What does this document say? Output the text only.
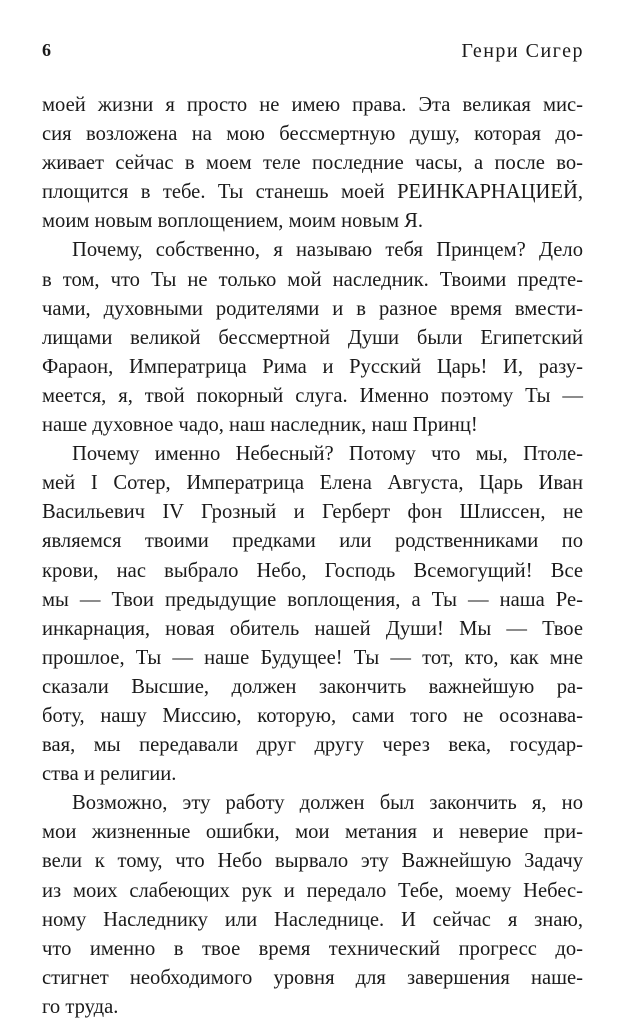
6	Генри Сигер
моей жизни я просто не имею права. Эта великая мис-
сия возложена на мою бессмертную душу, которая до-
живает сейчас в моем теле последние часы, а после во-
площится в тебе. Ты станешь моей РЕИНКАРНАЦИЕЙ,
моим новым воплощением, моим новым Я.
Почему, собственно, я называю тебя Принцем? Дело
в том, что Ты не только мой наследник. Твоими предте-
чами, духовными родителями и в разное время вмести-
лищами великой бессмертной Души были Египетский
Фараон, Императрица Рима и Русский Царь! И, разу-
меется, я, твой покорный слуга. Именно поэтому Ты —
наше духовное чадо, наш наследник, наш Принц!
Почему именно Небесный? Потому что мы, Птоле-
мей I Сотер, Императрица Елена Августа, Царь Иван
Васильевич IV Грозный и Герберт фон Шлиссен, не
являемся твоими предками или родственниками по
крови, нас выбрало Небо, Господь Всемогущий! Все
мы — Твои предыдущие воплощения, а Ты — наша Ре-
инкарнация, новая обитель нашей Души! Мы — Твое
прошлое, Ты — наше Будущее! Ты — тот, кто, как мне
сказали Высшие, должен закончить важнейшую ра-
боту, нашу Миссию, которую, сами того не осознава-
вая, мы передавали друг другу через века, государ-
ства и религии.
Возможно, эту работу должен был закончить я, но
мои жизненные ошибки, мои метания и неверие при-
вели к тому, что Небо вырвало эту Важнейшую Задачу
из моих слабеющих рук и передало Тебе, моему Небес-
ному Наследнику или Наследнице. И сейчас я знаю,
что именно в твое время технический прогресс до-
стигнет необходимого уровня для завершения наше-
го труда.
